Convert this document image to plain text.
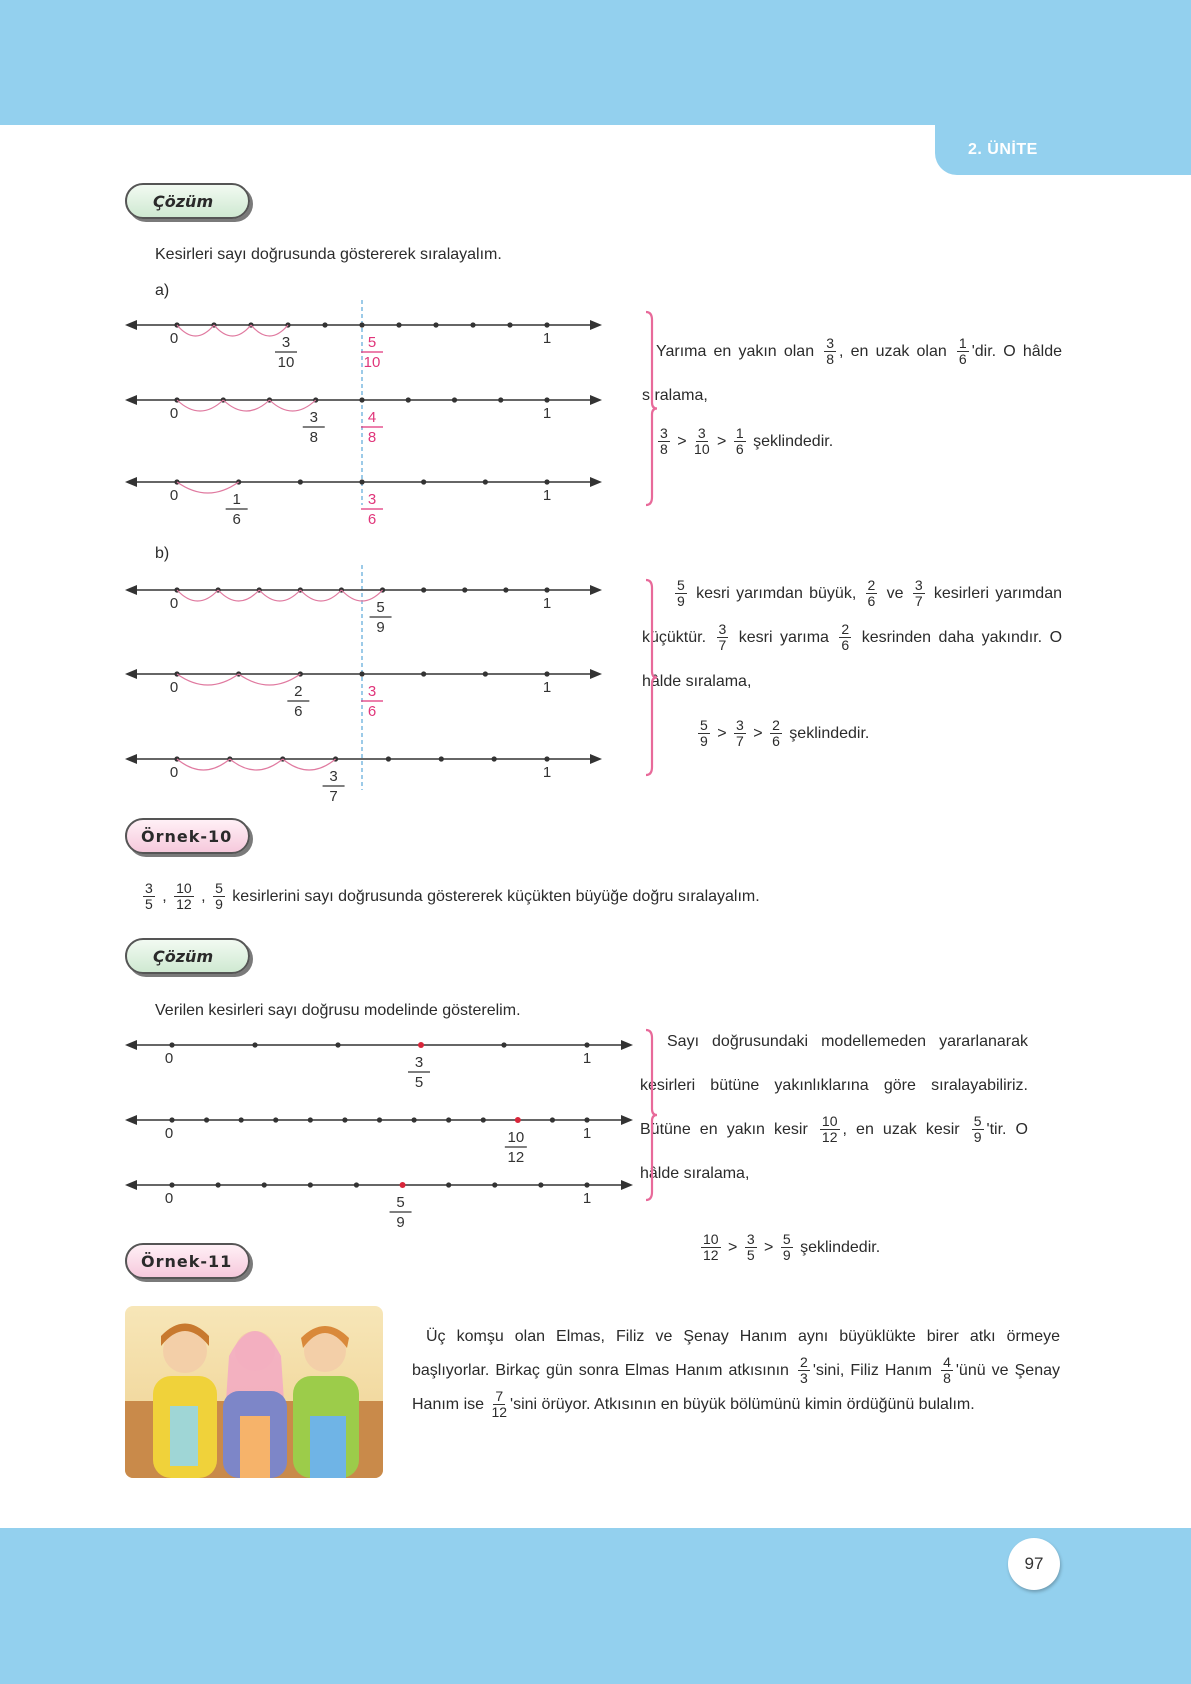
2. ÜNİTE
Çözüm
Kesirleri sayı doğrusunda göstererek sıralayalım.
a)
b)
Yarıma en yakın olan $\frac{3}{8}$ , en uzak olan $\frac{1}{6}$ 'dir. O hâlde sıralama,
$\frac{3}{8} > \frac{3}{10} > \frac{1}{6}$ şeklindedir.
$\frac{5}{9}$ kesri yarımdan büyük, $\frac{2}{6}$ ve $\frac{3}{7}$ kesirleri yarımdan küçüktür. $\frac{3}{7}$ kesri yarıma $\frac{2}{6}$ kesrinden daha yakındır. O hâlde sıralama,
$\frac{5}{9} > \frac{3}{7} > \frac{2}{6}$ şeklindedir.
Örnek-10
$\frac{3}{5}$ , $\frac{10}{12}$ , $\frac{5}{9}$ kesirlerini sayı doğrusunda göstererek küçükten büyüğe doğru sıralayalım.
Çözüm
Verilen kesirleri sayı doğrusu modelinde gösterelim.
Sayı doğrusundaki modellemeden yararlanarak kesirleri bütüne yakınlıklarına göre sıralayabiliriz. Bütüne en yakın kesir $\frac{10}{12}$ , en uzak kesir $\frac{5}{9}$ 'tir. O hâlde sıralama,
$\frac{10}{12} > \frac{3}{5} > \frac{5}{9}$ şeklindedir.
Örnek-11
Üç komşu olan Elmas, Filiz ve Şenay Hanım aynı büyüklükte birer atkı örmeye başlıyorlar. Birkaç gün sonra Elmas Hanım atkısının $\frac{2}{3}$ 'sini, Filiz Hanım $\frac{4}{8}$ 'ünü ve Şenay Hanım ise $\frac{7}{12}$ 'sini örüyor. Atkısının en büyük bölümünü kimin ördüğünü bulalım.
97
0	1
3
10
5
10
0	1
3
8
4
8
0	1
1
6
3
6
0	1
5
9
0	1
2
6
3
6
0	1
3
7
0	1
3
5
0	1
10
12
0	1
5
9
